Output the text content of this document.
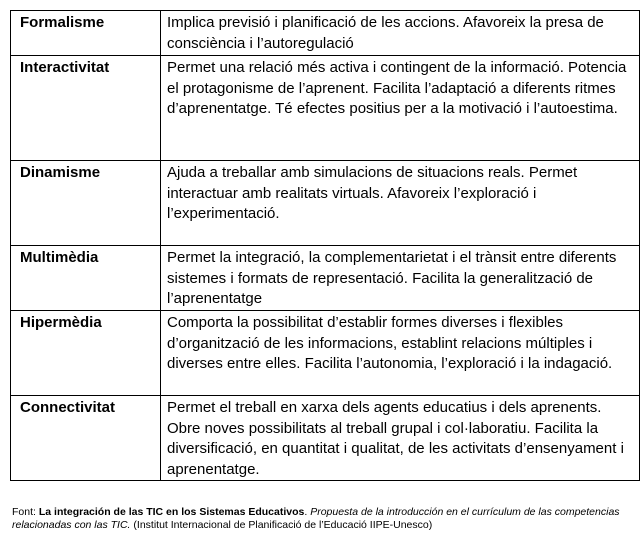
Formalisme	Implica previsió i planificació de les accions. Afavoreix la presa de consciència i l’autoregulació
Interactivitat	Permet una relació més activa i contingent de la informació. Potencia el protagonisme de l’aprenent. Facilita l’adaptació a diferents ritmes d’aprenentatge. Té efectes positius per a la motivació i l’autoestima.
Dinamisme	Ajuda a treballar amb simulacions de situacions reals. Permet interactuar amb realitats virtuals. Afavoreix l’exploració i l’experimentació.
Multimèdia	Permet la integració, la complementarietat i el trànsit entre diferents sistemes i formats de representació. Facilita la generalització de l’aprenentatge
Hipermèdia	Comporta la possibilitat d’establir formes diverses i flexibles d’organització de les informacions, establint relacions múltiples i diverses entre elles. Facilita l’autonomia, l’exploració i la indagació.
Connectivitat	Permet el treball en xarxa dels agents educatius i dels aprenents. Obre noves possibilitats al treball grupal i col·laboratiu. Facilita la diversificació, en quantitat i qualitat, de les activitats d’ensenyament i aprenentatge.
Font: La integración de las TIC en los Sistemas Educativos. Propuesta de la introducción en el currículum de las competencias relacionadas con las TIC. (Institut Internacional de Planificació de l’Educació IIPE-Unesco)
